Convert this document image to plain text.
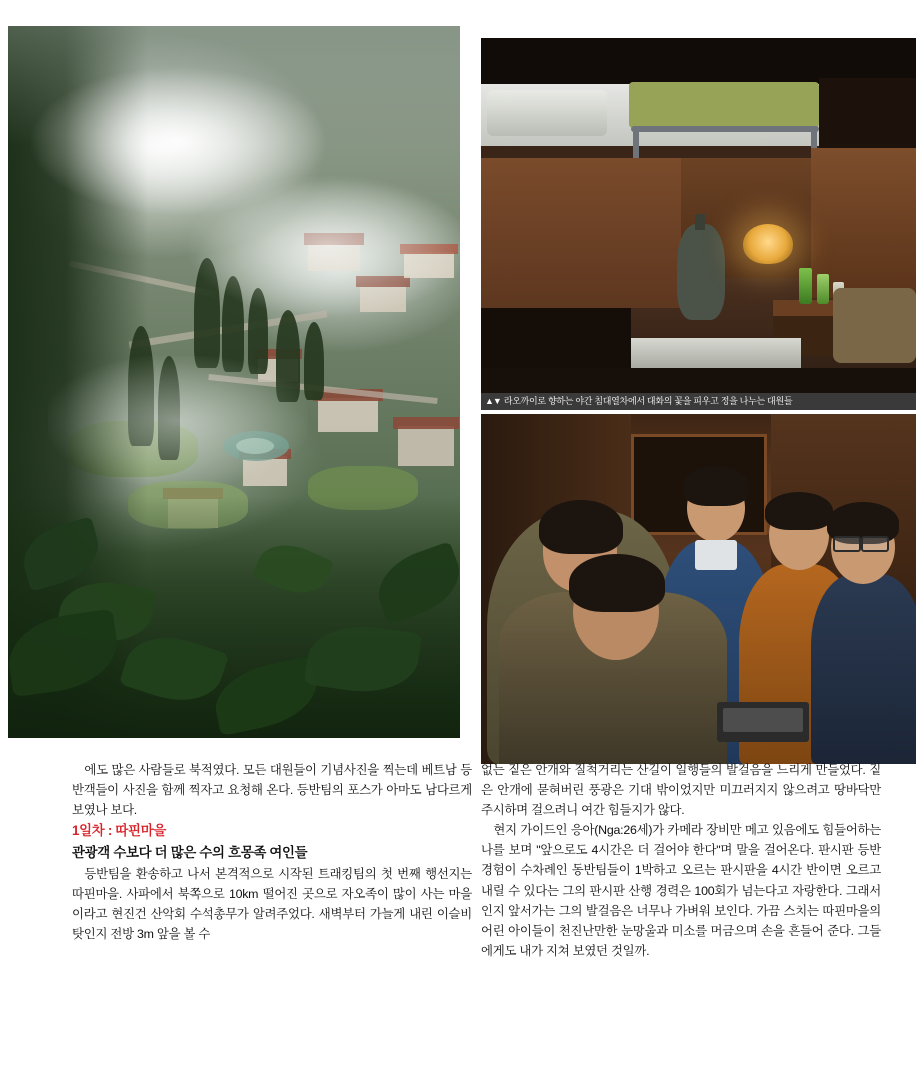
▲▼ 라오까이로 향하는 야간 침대열차에서 대화의 꽃을 피우고 정을 나누는 대원들

에도 많은 사람들로 북적였다. 모든 대원들이 기념사진을 찍는데 베트남 등반객들이 사진을 함께 찍자고 요청해 온다. 등반팀의 포스가 아마도 남다르게 보였나 보다.

1일차 : 따핀마을

관광객 수보다 더 많은 수의 흐몽족 여인들

등반팀을 환송하고 나서 본격적으로 시작된 트래킹팀의 첫 번째 행선지는 따핀마을. 사파에서 북쪽으로 10km 떨어진 곳으로 자오족이 많이 사는 마을이라고 현진건 산악회 수석총무가 알려주었다. 새벽부터 가늘게 내린 이슬비 탓인지 전방 3m 앞을 볼 수

없는 짙은 안개와 질척거리는 산길이 일행들의 발걸음을 느리게 만들었다. 짙은 안개에 묻혀버린 풍광은 기대 밖이었지만 미끄러지지 않으려고 땅바닥만 주시하며 걸으려니 여간 힘들지가 않다.

현지 가이드인 응아(Nga:26세)가 카메라 장비만 메고 있음에도 힘들어하는 나를 보며 "앞으로도 4시간은 더 걸어야 한다"며 말을 걸어온다. 판시판 등반 경험이 수차례인 동반팀들이 1박하고 오르는 판시판을 4시간 반이면 오르고 내릴 수 있다는 그의 판시판 산행 경력은 100회가 넘는다고 자랑한다. 그래서인지 앞서가는 그의 발걸음은 너무나 가벼워 보인다. 가끔 스치는 따핀마을의 어린 아이들이 천진난만한 눈망울과 미소를 머금으며 손을 흔들어 준다. 그들에게도 내가 지쳐 보였던 것일까.
